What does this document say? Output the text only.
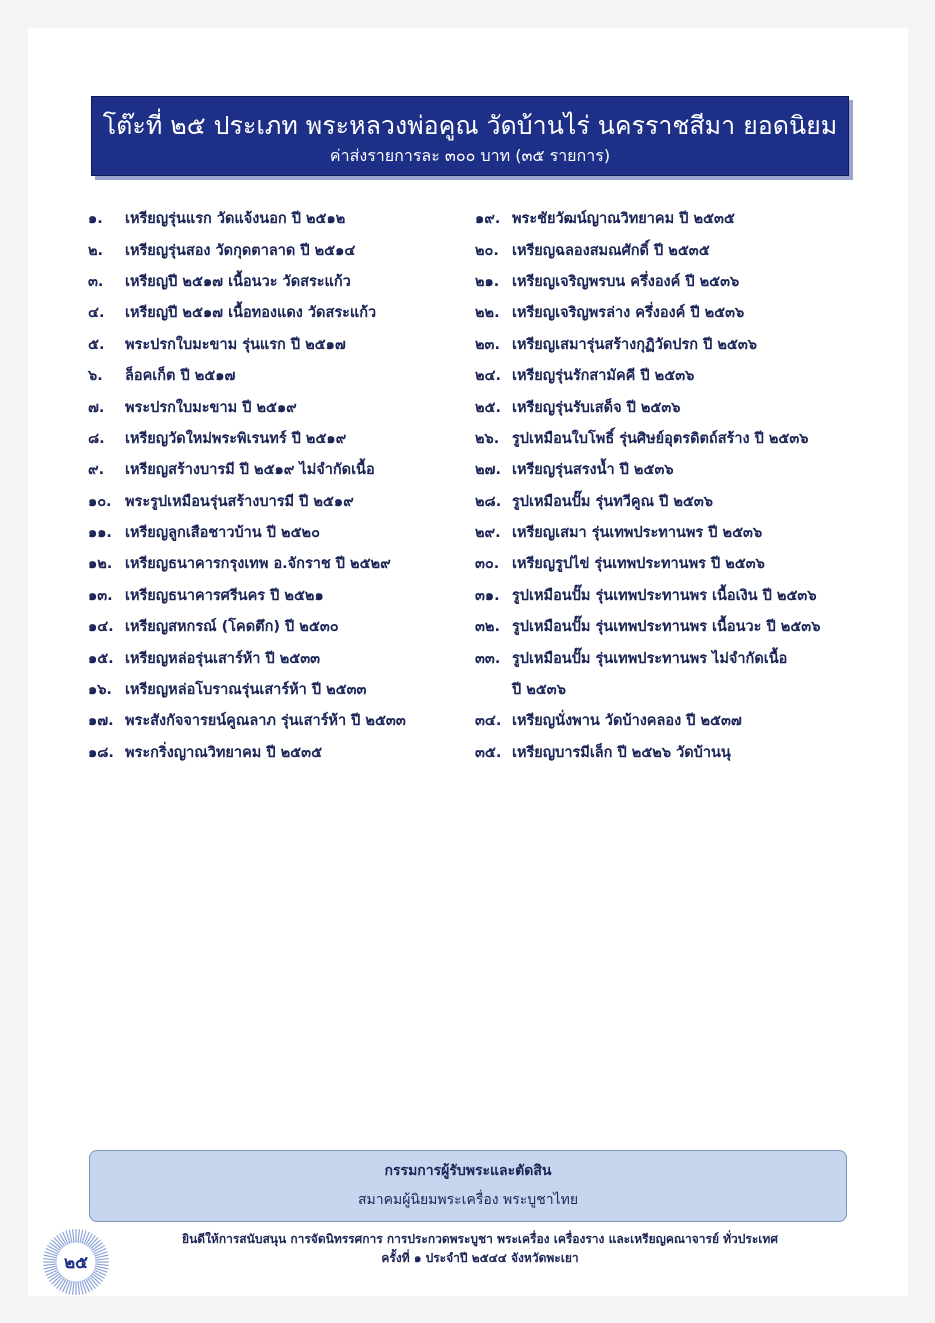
โต๊ะที่ ๒๕ ประเภท พระหลวงพ่อคูณ วัดบ้านไร่ นครราชสีมา ยอดนิยม
ค่าส่งรายการละ ๓๐๐ บาท (๓๕ รายการ)
๑.	เหรียญรุ่นแรก วัดแจ้งนอก ปี ๒๕๑๒
๒.	เหรียญรุ่นสอง วัดกุดตาลาด ปี ๒๕๑๔
๓.	เหรียญปี ๒๕๑๗ เนื้อนวะ วัดสระแก้ว
๔.	เหรียญปี ๒๕๑๗ เนื้อทองแดง วัดสระแก้ว
๕.	พระปรกใบมะขาม รุ่นแรก ปี ๒๕๑๗
๖.	ล็อคเก็ต ปี ๒๕๑๗
๗.	พระปรกใบมะขาม ปี ๒๕๑๙
๘.	เหรียญวัดใหม่พระพิเรนทร์ ปี ๒๕๑๙
๙.	เหรียญสร้างบารมี ปี ๒๕๑๙ ไม่จำกัดเนื้อ
๑๐. พระรูปเหมือนรุ่นสร้างบารมี ปี ๒๕๑๙
๑๑. เหรียญลูกเสือชาวบ้าน ปี ๒๕๒๐
๑๒. เหรียญธนาคารกรุงเทพ อ.จักราช ปี ๒๕๒๙
๑๓. เหรียญธนาคารศรีนคร ปี ๒๕๒๑
๑๔. เหรียญสหกรณ์ (โคดตึก) ปี ๒๕๓๐
๑๕. เหรียญหล่อรุ่นเสาร์ห้า ปี ๒๕๓๓
๑๖. เหรียญหล่อโบราณรุ่นเสาร์ห้า ปี ๒๕๓๓
๑๗. พระสังกัจจารยน์คูณลาภ รุ่นเสาร์ห้า ปี ๒๕๓๓
๑๘. พระกริ่งญาณวิทยาคม ปี ๒๕๓๕
๑๙. พระชัยวัฒน์ญาณวิทยาคม ปี ๒๕๓๕
๒๐. เหรียญฉลองสมณศักดิ์ ปี ๒๕๓๕
๒๑. เหรียญเจริญพรบน ครึ่งองค์ ปี ๒๕๓๖
๒๒. เหรียญเจริญพรล่าง ครึ่งองค์ ปี ๒๕๓๖
๒๓. เหรียญเสมารุ่นสร้างกุฏิวัดปรก ปี ๒๕๓๖
๒๔. เหรียญรุ่นรักสามัคคี ปี ๒๕๓๖
๒๕. เหรียญรุ่นรับเสด็จ ปี ๒๕๓๖
๒๖. รูปเหมือนใบโพธิ์ รุ่นศิษย์อุตรดิตถ์สร้าง ปี ๒๕๓๖
๒๗. เหรียญรุ่นสรงน้ำ ปี ๒๕๓๖
๒๘. รูปเหมือนปั๊ม รุ่นทวีคูณ ปี ๒๕๓๖
๒๙. เหรียญเสมา รุ่นเทพประทานพร ปี ๒๕๓๖
๓๐. เหรียญรูปไข่ รุ่นเทพประทานพร ปี ๒๕๓๖
๓๑. รูปเหมือนปั๊ม รุ่นเทพประทานพร เนื้อเงิน ปี ๒๕๓๖
๓๒. รูปเหมือนปั๊ม รุ่นเทพประทานพร เนื้อนวะ ปี ๒๕๓๖
๓๓. รูปเหมือนปั๊ม รุ่นเทพประทานพร ไม่จำกัดเนื้อ
ปี ๒๕๓๖
๓๔. เหรียญนั่งพาน วัดบ้างคลอง ปี ๒๕๓๗
๓๕. เหรียญบารมีเล็ก ปี ๒๕๒๖ วัดบ้านนุ
กรรมการผู้รับพระและตัดสิน
สมาคมผู้นิยมพระเครื่อง พระบูชาไทย
ยินดีให้การสนับสนุน การจัดนิทรรศการ การประกวดพระบูชา พระเครื่อง เครื่องราง และเหรียญคณาจารย์ ทั่วประเทศ
ครั้งที่ ๑ ประจำปี ๒๕๔๔ จังหวัดพะเยา
๒๕
